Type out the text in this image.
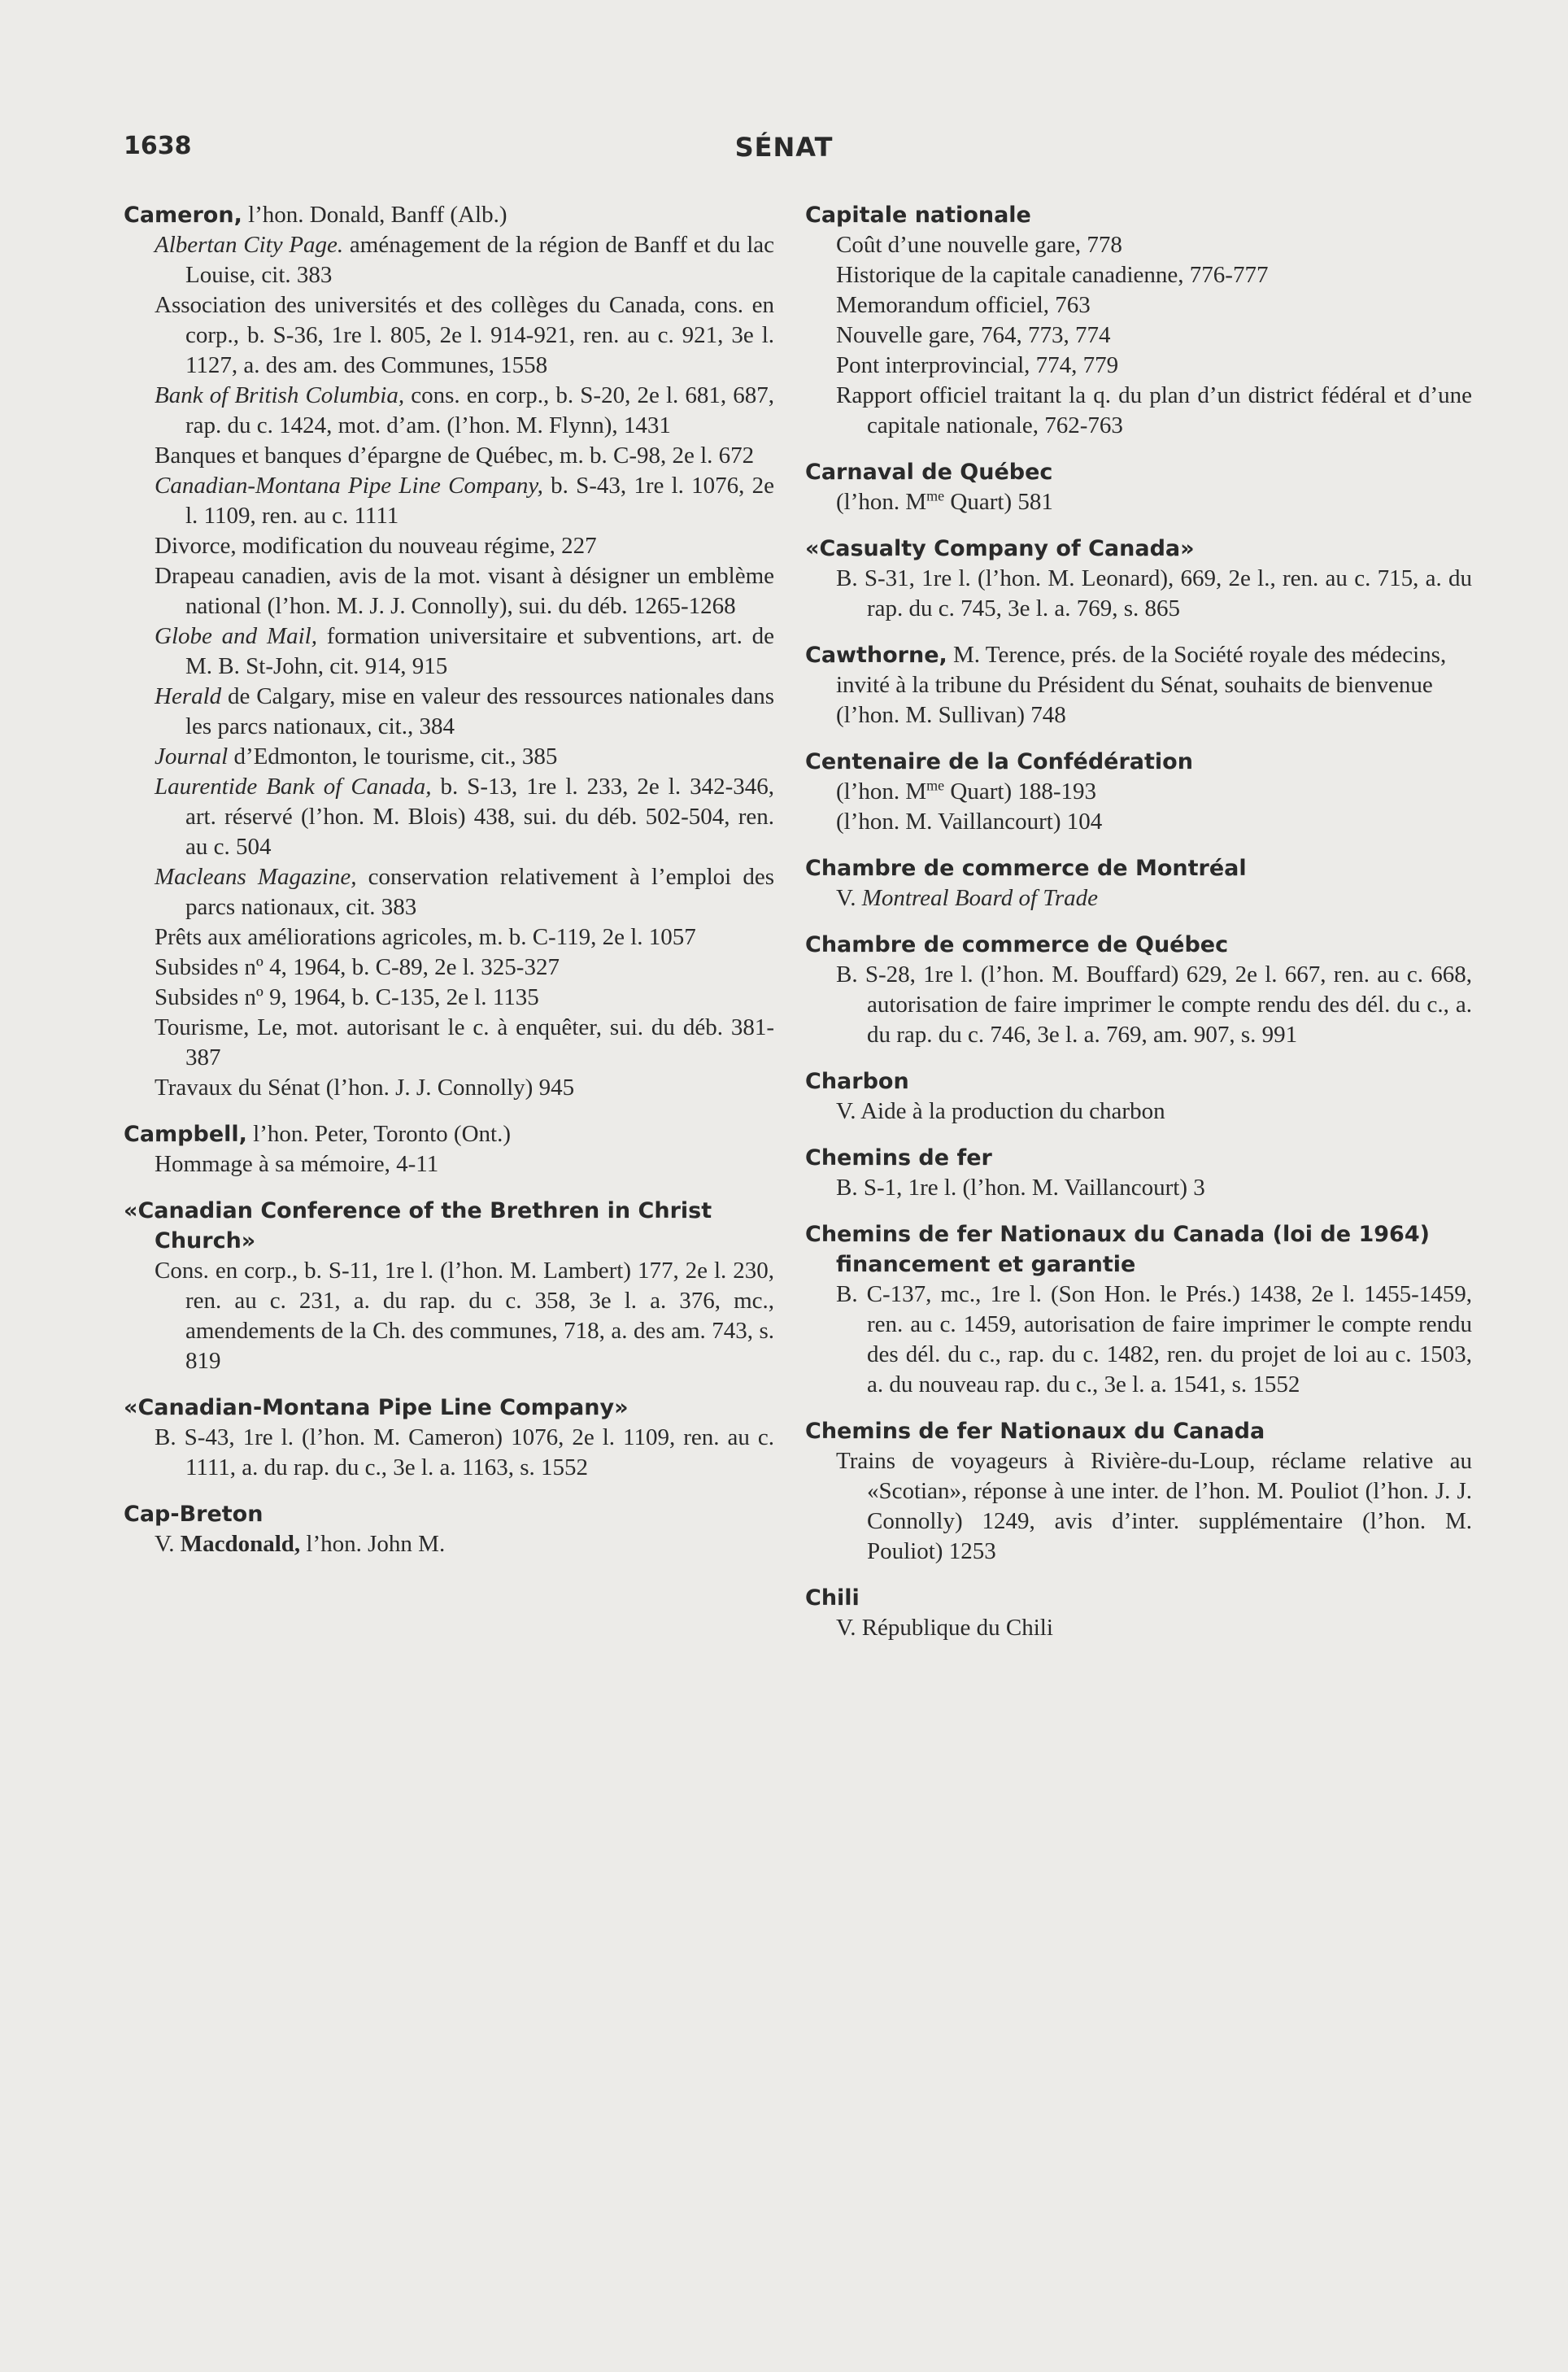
1638	SÉNAT
Cameron, l’hon. Donald, Banff (Alb.)
Albertan City Page. aménagement de la région de Banff et du lac Louise, cit. 383
Association des universités et des collèges du Canada, cons. en corp., b. S-36, 1re l. 805, 2e l. 914-921, ren. au c. 921, 3e l. 1127, a. des am. des Communes, 1558
Bank of British Columbia, cons. en corp., b. S-20, 2e l. 681, 687, rap. du c. 1424, mot. d’am. (l’hon. M. Flynn), 1431
Banques et banques d’épargne de Québec, m. b. C-98, 2e l. 672
Canadian-Montana Pipe Line Company, b. S-43, 1re l. 1076, 2e l. 1109, ren. au c. 1111
Divorce, modification du nouveau régime, 227
Drapeau canadien, avis de la mot. visant à désigner un emblème national (l’hon. M. J. J. Connolly), sui. du déb. 1265-1268
Globe and Mail, formation universitaire et subventions, art. de M. B. St-John, cit. 914, 915
Herald de Calgary, mise en valeur des ressources nationales dans les parcs nationaux, cit., 384
Journal d’Edmonton, le tourisme, cit., 385
Laurentide Bank of Canada, b. S-13, 1re l. 233, 2e l. 342-346, art. réservé (l’hon. M. Blois) 438, sui. du déb. 502-504, ren. au c. 504
Macleans Magazine, conservation relativement à l’emploi des parcs nationaux, cit. 383
Prêts aux améliorations agricoles, m. b. C-119, 2e l. 1057
Subsides nº 4, 1964, b. C-89, 2e l. 325-327
Subsides nº 9, 1964, b. C-135, 2e l. 1135
Tourisme, Le, mot. autorisant le c. à enquêter, sui. du déb. 381-387
Travaux du Sénat (l’hon. J. J. Connolly) 945
Campbell, l’hon. Peter, Toronto (Ont.)
Hommage à sa mémoire, 4-11
«Canadian Conference of the Brethren in Christ Church»
Cons. en corp., b. S-11, 1re l. (l’hon. M. Lambert) 177, 2e l. 230, ren. au c. 231, a. du rap. du c. 358, 3e l. a. 376, mc., amendements de la Ch. des communes, 718, a. des am. 743, s. 819
«Canadian-Montana Pipe Line Company»
B. S-43, 1re l. (l’hon. M. Cameron) 1076, 2e l. 1109, ren. au c. 1111, a. du rap. du c., 3e l. a. 1163, s. 1552
Cap-Breton
V. Macdonald, l’hon. John M.
Capitale nationale
Coût d’une nouvelle gare, 778
Historique de la capitale canadienne, 776-777
Memorandum officiel, 763
Nouvelle gare, 764, 773, 774
Pont interprovincial, 774, 779
Rapport officiel traitant la q. du plan d’un district fédéral et d’une capitale nationale, 762-763
Carnaval de Québec
(l’hon. $M^{me}$ Quart) 581
«Casualty Company of Canada»
B. S-31, 1re l. (l’hon. M. Leonard), 669, 2e l., ren. au c. 715, a. du rap. du c. 745, 3e l. a. 769, s. 865
Cawthorne, M. Terence, prés. de la Société royale des médecins, invité à la tribune du Président du Sénat, souhaits de bienvenue (l’hon. M. Sullivan) 748
Centenaire de la Confédération
(l’hon. $M^{me}$ Quart) 188-193
(l’hon. M. Vaillancourt) 104
Chambre de commerce de Montréal
V. Montreal Board of Trade
Chambre de commerce de Québec
B. S-28, 1re l. (l’hon. M. Bouffard) 629, 2e l. 667, ren. au c. 668, autorisation de faire imprimer le compte rendu des dél. du c., a. du rap. du c. 746, 3e l. a. 769, am. 907, s. 991
Charbon
V. Aide à la production du charbon
Chemins de fer
B. S-1, 1re l. (l’hon. M. Vaillancourt) 3
Chemins de fer Nationaux du Canada (loi de 1964) financement et garantie
B. C-137, mc., 1re l. (Son Hon. le Prés.) 1438, 2e l. 1455-1459, ren. au c. 1459, autorisation de faire imprimer le compte rendu des dél. du c., rap. du c. 1482, ren. du projet de loi au c. 1503, a. du nouveau rap. du c., 3e l. a. 1541, s. 1552
Chemins de fer Nationaux du Canada
Trains de voyageurs à Rivière-du-Loup, réclame relative au «Scotian», réponse à une inter. de l’hon. M. Pouliot (l’hon. J. J. Connolly) 1249, avis d’inter. supplémentaire (l’hon. M. Pouliot) 1253
Chili
V. République du Chili
